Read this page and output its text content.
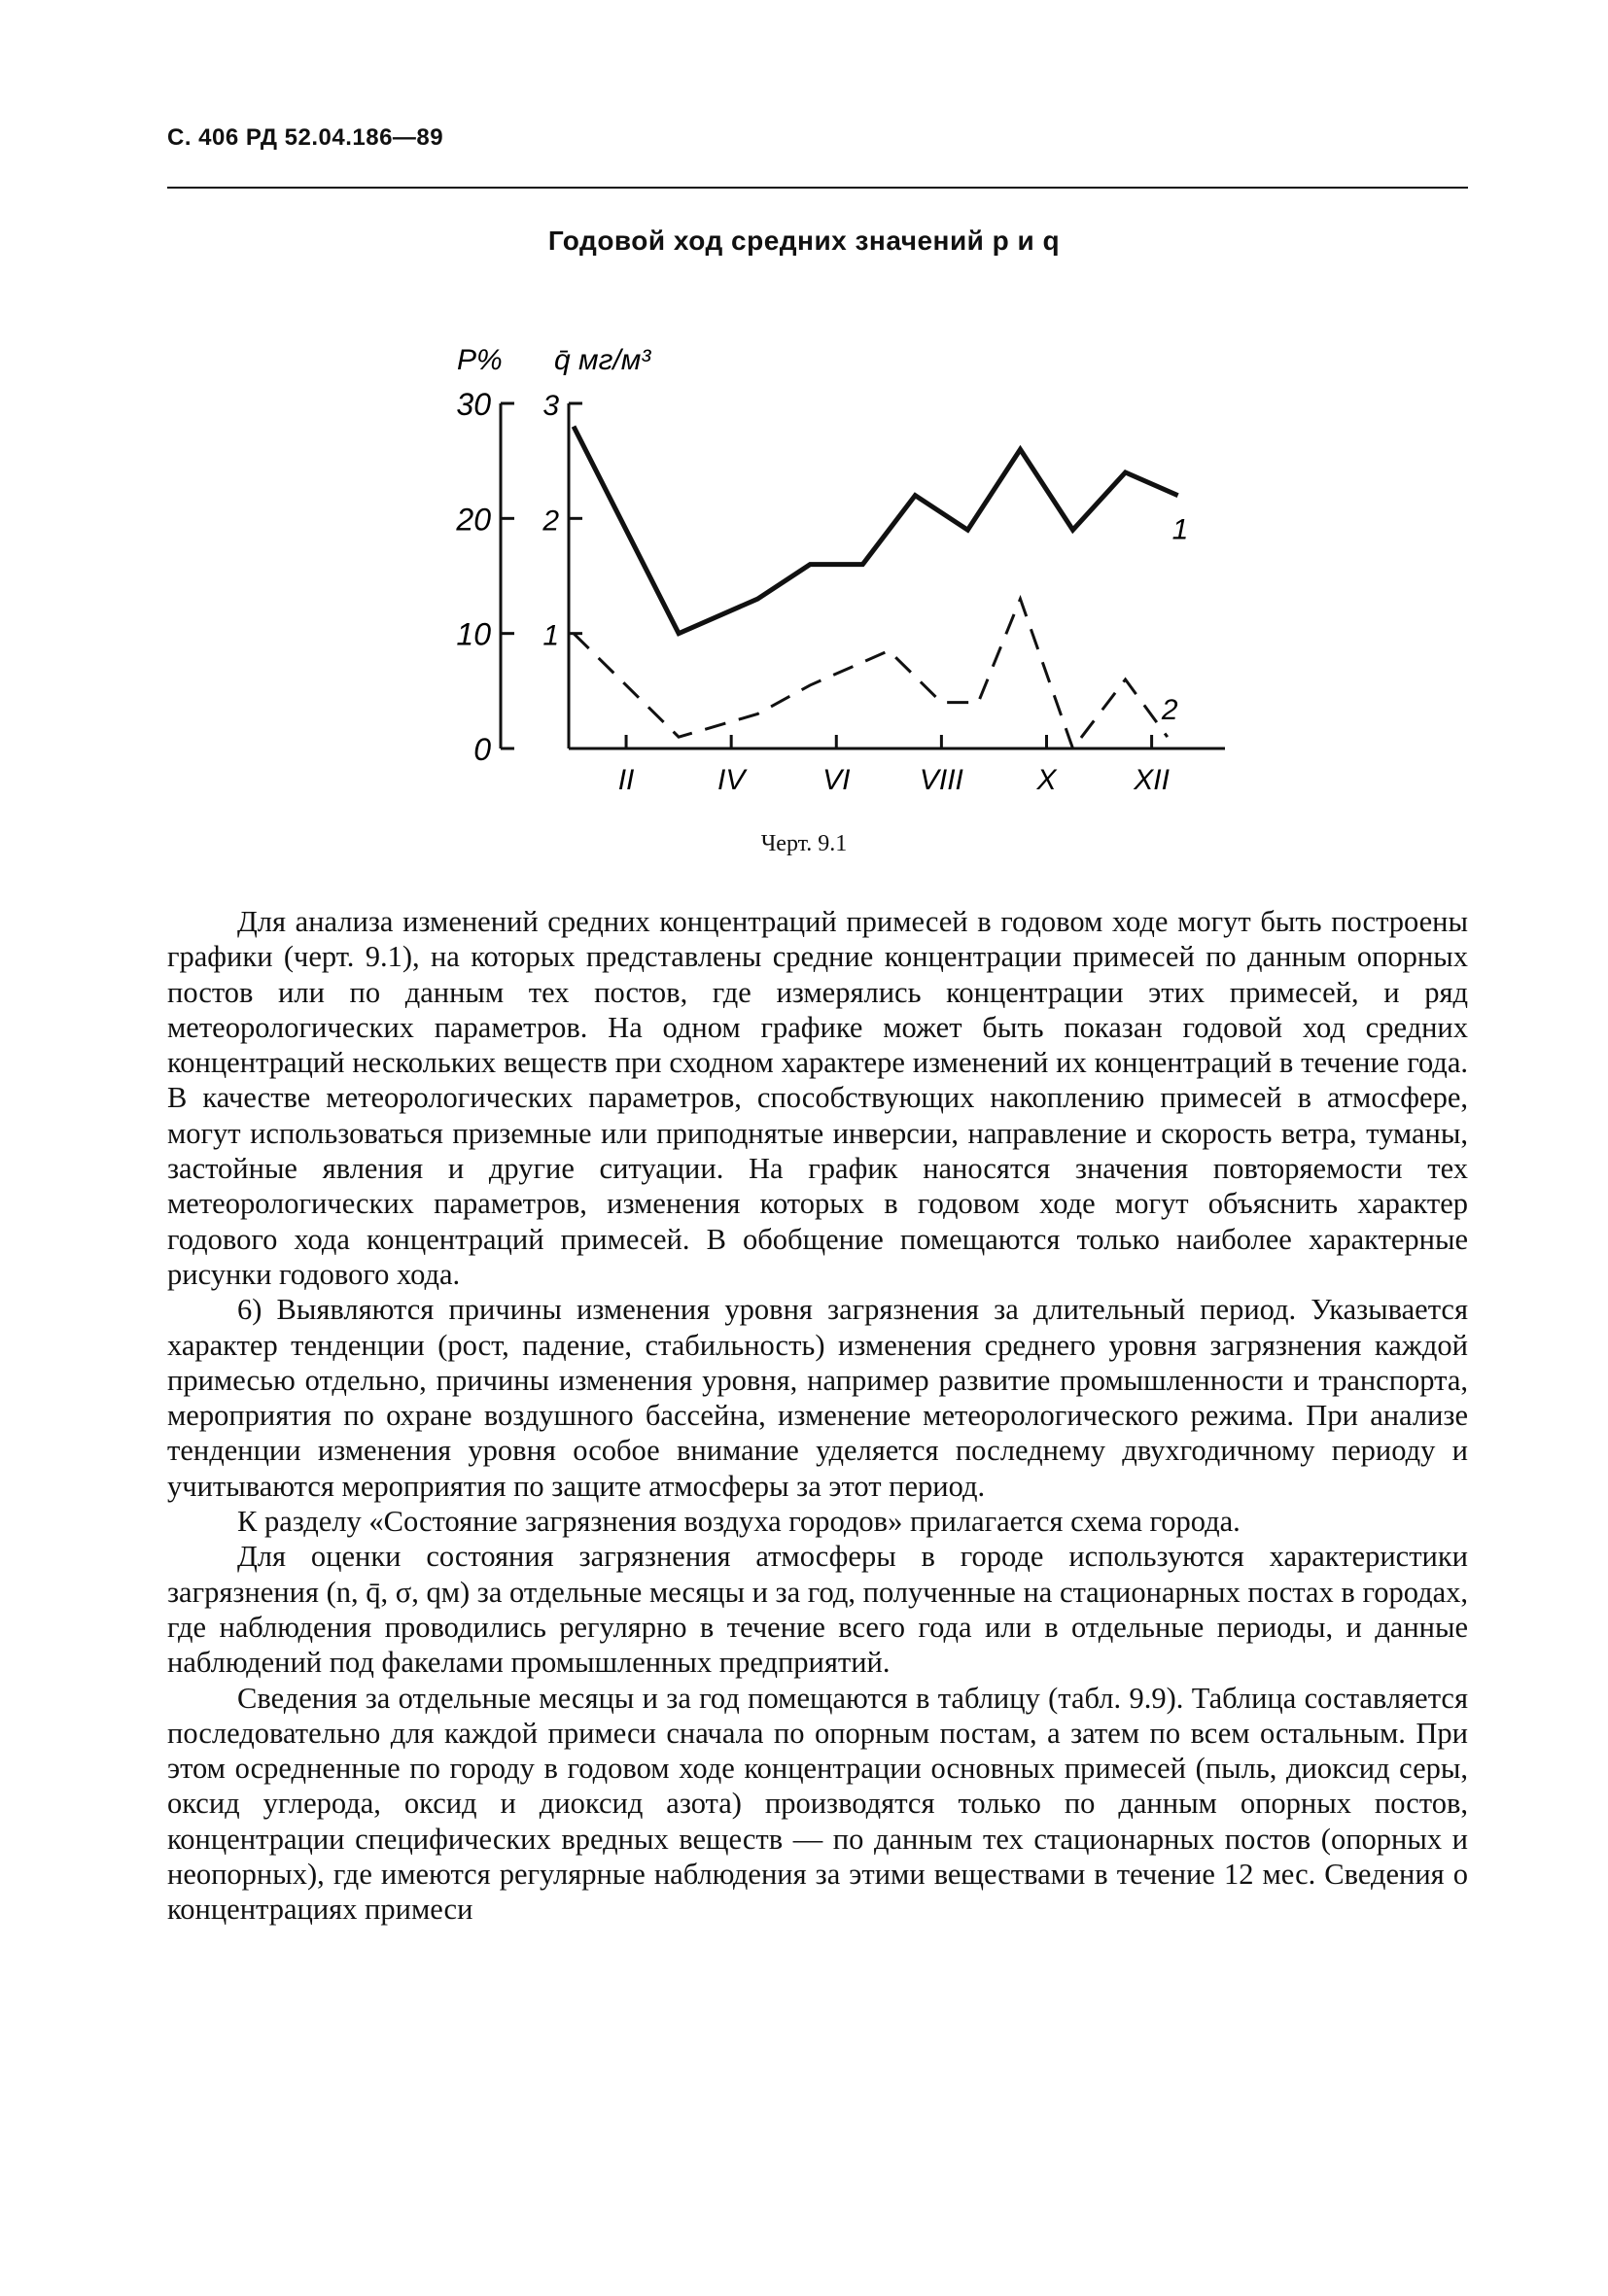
С. 406 РД 52.04.186—89
Годовой ход средних значений p и q
P% q̄ мг/м³
30
20
10
0
3
2
1
II	IV	VI VIII	X	XII
1
2
Черт. 9.1

Для анализа изменений средних концентраций примесей в годовом ходе могут быть построены графики (черт. 9.1), на которых представлены средние концентрации примесей по данным опорных постов или по данным тех постов, где измерялись концентрации этих примесей, и ряд метеорологических параметров. На одном графике может быть показан годовой ход средних концентраций нескольких веществ при сходном характере изменений их концентраций в течение года. В качестве метеорологических параметров, способствующих накоплению примесей в атмосфере, могут использоваться приземные или приподнятые инверсии, направление и скорость ветра, туманы, застойные явления и другие ситуации. На график наносятся значения повторяемости тех метеорологических параметров, изменения которых в годовом ходе могут объяснить характер годового хода концентраций примесей. В обобщение помещаются только наиболее характерные рисунки годового хода.

6) Выявляются причины изменения уровня загрязнения за длительный период. Указывается характер тенденции (рост, падение, стабильность) изменения среднего уровня загрязнения каждой примесью отдельно, причины изменения уровня, например развитие промышленности и транспорта, мероприятия по охране воздушного бассейна, изменение метеорологического режима. При анализе тенденции изменения уровня особое внимание уделяется последнему двухгодичному периоду и учитываются мероприятия по защите атмосферы за этот период.

К разделу «Состояние загрязнения воздуха городов» прилагается схема города.

Для оценки состояния загрязнения атмосферы в городе используются характеристики загрязнения (n, q̄, σ, qм) за отдельные месяцы и за год, полученные на стационарных постах в городах, где наблюдения проводились регулярно в течение всего года или в отдельные периоды, и данные наблюдений под факелами промышленных предприятий.

Сведения за отдельные месяцы и за год помещаются в таблицу (табл. 9.9). Таблица составляется последовательно для каждой примеси сначала по опорным постам, а затем по всем остальным. При этом осредненные по городу в годовом ходе концентрации основных примесей (пыль, диоксид серы, оксид углерода, оксид и диоксид азота) производятся только по данным опорных постов, концентрации специфических вредных веществ — по данным тех стационарных постов (опорных и неопорных), где имеются регулярные наблюдения за этими веществами в течение 12 мес. Сведения о концентрациях примеси
